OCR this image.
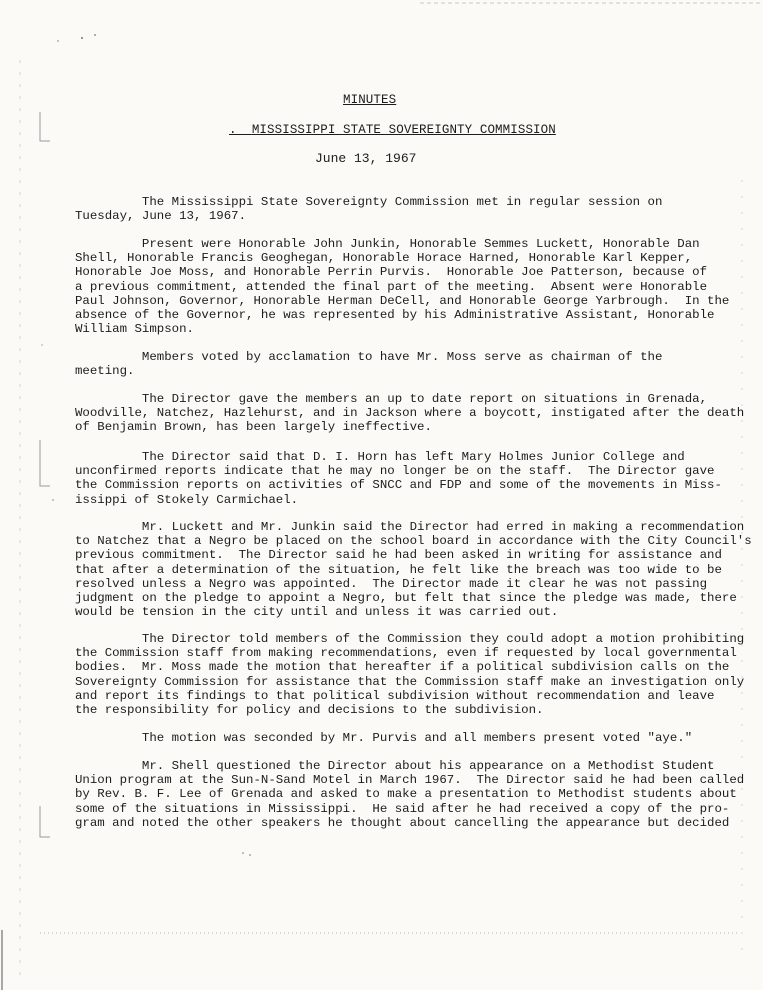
MINUTES
.  MISSISSIPPI STATE SOVEREIGNTY COMMISSION
June 13, 1967
The Mississippi State Sovereignty Commission met in regular session on
Tuesday, June 13, 1967.
Present were Honorable John Junkin, Honorable Semmes Luckett, Honorable Dan
Shell, Honorable Francis Geoghegan, Honorable Horace Harned, Honorable Karl Kepper,
Honorable Joe Moss, and Honorable Perrin Purvis.  Honorable Joe Patterson, because of
a previous commitment, attended the final part of the meeting.  Absent were Honorable
Paul Johnson, Governor, Honorable Herman DeCell, and Honorable George Yarbrough.  In the
absence of the Governor, he was represented by his Administrative Assistant, Honorable
William Simpson.
Members voted by acclamation to have Mr. Moss serve as chairman of the
meeting.
The Director gave the members an up to date report on situations in Grenada,
Woodville, Natchez, Hazlehurst, and in Jackson where a boycott, instigated after the death
of Benjamin Brown, has been largely ineffective.
The Director said that D. I. Horn has left Mary Holmes Junior College and
unconfirmed reports indicate that he may no longer be on the staff.  The Director gave
the Commission reports on activities of SNCC and FDP and some of the movements in Miss-
issippi of Stokely Carmichael.
Mr. Luckett and Mr. Junkin said the Director had erred in making a recommendation
to Natchez that a Negro be placed on the school board in accordance with the City Council's
previous commitment.  The Director said he had been asked in writing for assistance and
that after a determination of the situation, he felt like the breach was too wide to be
resolved unless a Negro was appointed.  The Director made it clear he was not passing
judgment on the pledge to appoint a Negro, but felt that since the pledge was made, there
would be tension in the city until and unless it was carried out.
The Director told members of the Commission they could adopt a motion prohibiting
the Commission staff from making recommendations, even if requested by local governmental
bodies.  Mr. Moss made the motion that hereafter if a political subdivision calls on the
Sovereignty Commission for assistance that the Commission staff make an investigation only
and report its findings to that political subdivision without recommendation and leave
the responsibility for policy and decisions to the subdivision.
The motion was seconded by Mr. Purvis and all members present voted "aye."
Mr. Shell questioned the Director about his appearance on a Methodist Student
Union program at the Sun-N-Sand Motel in March 1967.  The Director said he had been called
by Rev. B. F. Lee of Grenada and asked to make a presentation to Methodist students about
some of the situations in Mississippi.  He said after he had received a copy of the pro-
gram and noted the other speakers he thought about cancelling the appearance but decided
